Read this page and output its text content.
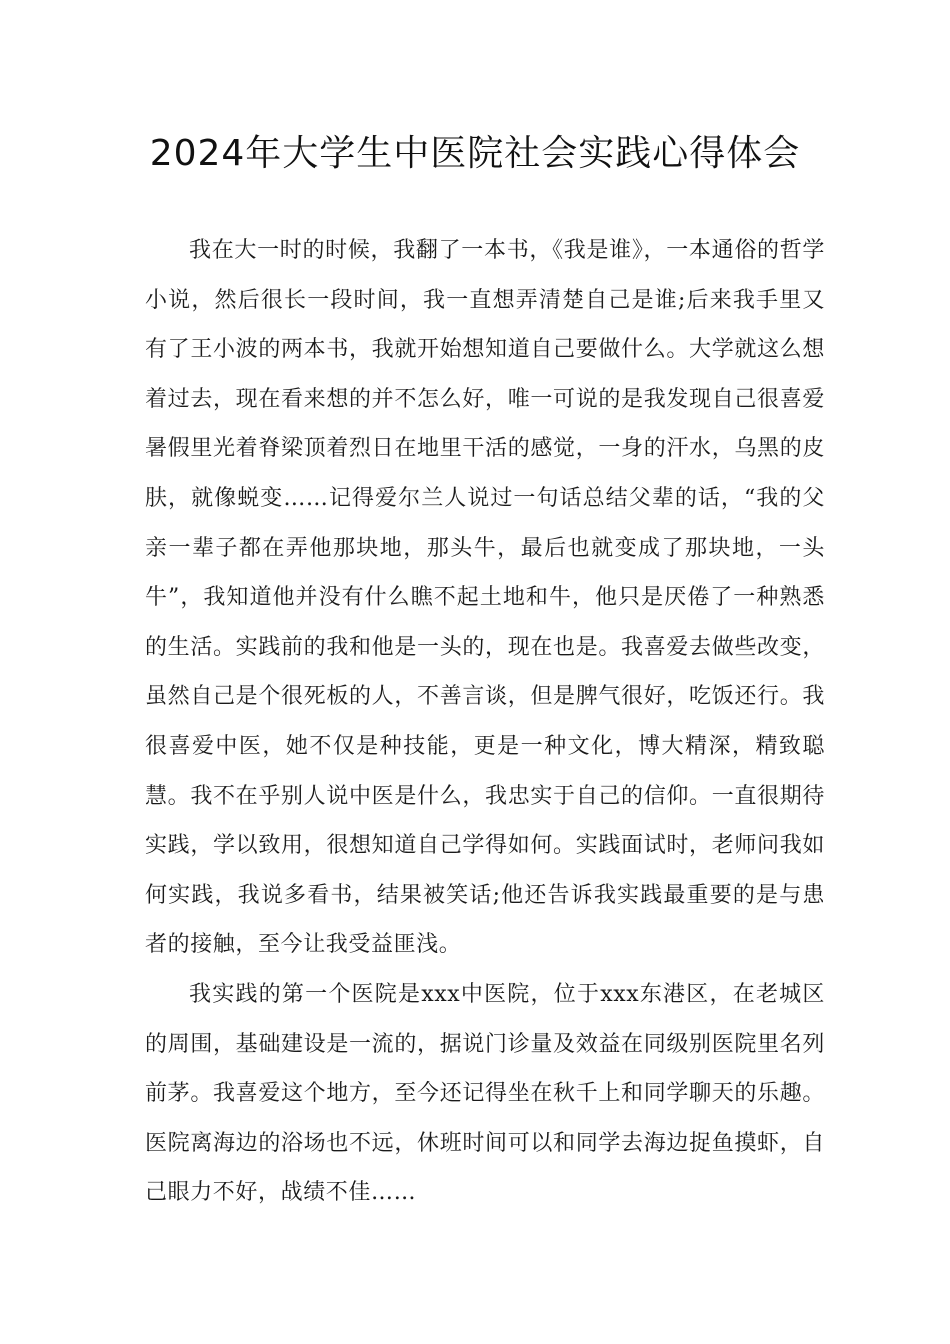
2024年大学生中医院社会实践心得体会

我在大一时的时候，我翻了一本书，《我是谁》，一本通俗的哲学小说，然后很长一段时间，我一直想弄清楚自己是谁;后来我手里又有了王小波的两本书，我就开始想知道自己要做什么。大学就这么想着过去，现在看来想的并不怎么好，唯一可说的是我发现自己很喜爱暑假里光着脊梁顶着烈日在地里干活的感觉，一身的汗水，乌黑的皮肤，就像蜕变……记得爱尔兰人说过一句话总结父辈的话，“我的父亲一辈子都在弄他那块地，那头牛，最后也就变成了那块地，一头牛”，我知道他并没有什么瞧不起土地和牛，他只是厌倦了一种熟悉的生活。实践前的我和他是一头的，现在也是。我喜爱去做些改变，虽然自己是个很死板的人，不善言谈，但是脾气很好，吃饭还行。我很喜爱中医，她不仅是种技能，更是一种文化，博大精深，精致聪慧。我不在乎别人说中医是什么，我忠实于自己的信仰。一直很期待实践，学以致用，很想知道自己学得如何。实践面试时，老师问我如何实践，我说多看书，结果被笑话;他还告诉我实践最重要的是与患者的接触，至今让我受益匪浅。

我实践的第一个医院是xxx中医院，位于xxx东港区，在老城区的周围，基础建设是一流的，据说门诊量及效益在同级别医院里名列前茅。我喜爱这个地方，至今还记得坐在秋千上和同学聊天的乐趣。医院离海边的浴场也不远，休班时间可以和同学去海边捉鱼摸虾，自己眼力不好，战绩不佳……
